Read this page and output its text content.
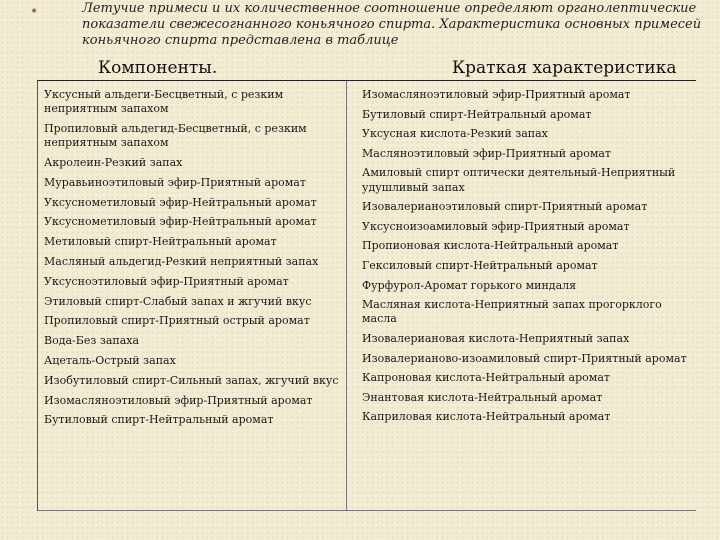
•	Летучие примеси и их количественное соотношение определяют органолептические показатели свежесогнанного коньячного спирта. Характеристика основных примесей коньячного спирта представлена в таблице
Компоненты.	Краткая характеристика
Уксусный альдеги-Бесцветный, с резким неприятным запахом
Пропиловый альдегид-Бесцветный, с резким неприятным запахом
Акролеин-Резкий запах
Муравьиноэтиловый эфир-Приятный аромат
Уксуснометиловый эфир-Нейтральный аромат
Уксуснометиловый эфир-Нейтральный аромат
Метиловый спирт-Нейтральный аромат
Масляный альдегид-Резкий неприятный запах
Уксусноэтиловый эфир-Приятный аромат
Этиловый спирт-Слабый запах и жгучий вкус
Пропиловый спирт-Приятный острый аромат
Вода-Без запаха
Ацеталь-Острый запах
Изобутиловый спирт-Сильный запах, жгучий вкус
Изомасляноэтиловый эфир-Приятный аромат
Бутиловый спирт-Нейтральный аромат
Изомасляноэтиловый эфир-Приятный аромат
Бутиловый спирт-Нейтральный аромат
Уксусная кислота-Резкий запах
Масляноэтиловый эфир-Приятный аромат
Амиловый спирт оптически деятельный-Неприятный удушливый запах
Изовалерианоэтиловый спирт-Приятный аромат
Уксусноизоамиловый эфир-Приятный аромат
Пропионовая кислота-Нейтральный аромат
Гексиловый спирт-Нейтральный аромат
Фурфурол-Аромат горького миндаля
Масляная кислота-Неприятный запах прогорклого масла
Изовалериановая кислота-Неприятный запах
Изовалерианово-изоамиловый спирт-Приятный аромат
Капроновая кислота-Нейтральный аромат
Энантовая кислота-Нейтральный аромат
Каприловая кислота-Нейтральный аромат
